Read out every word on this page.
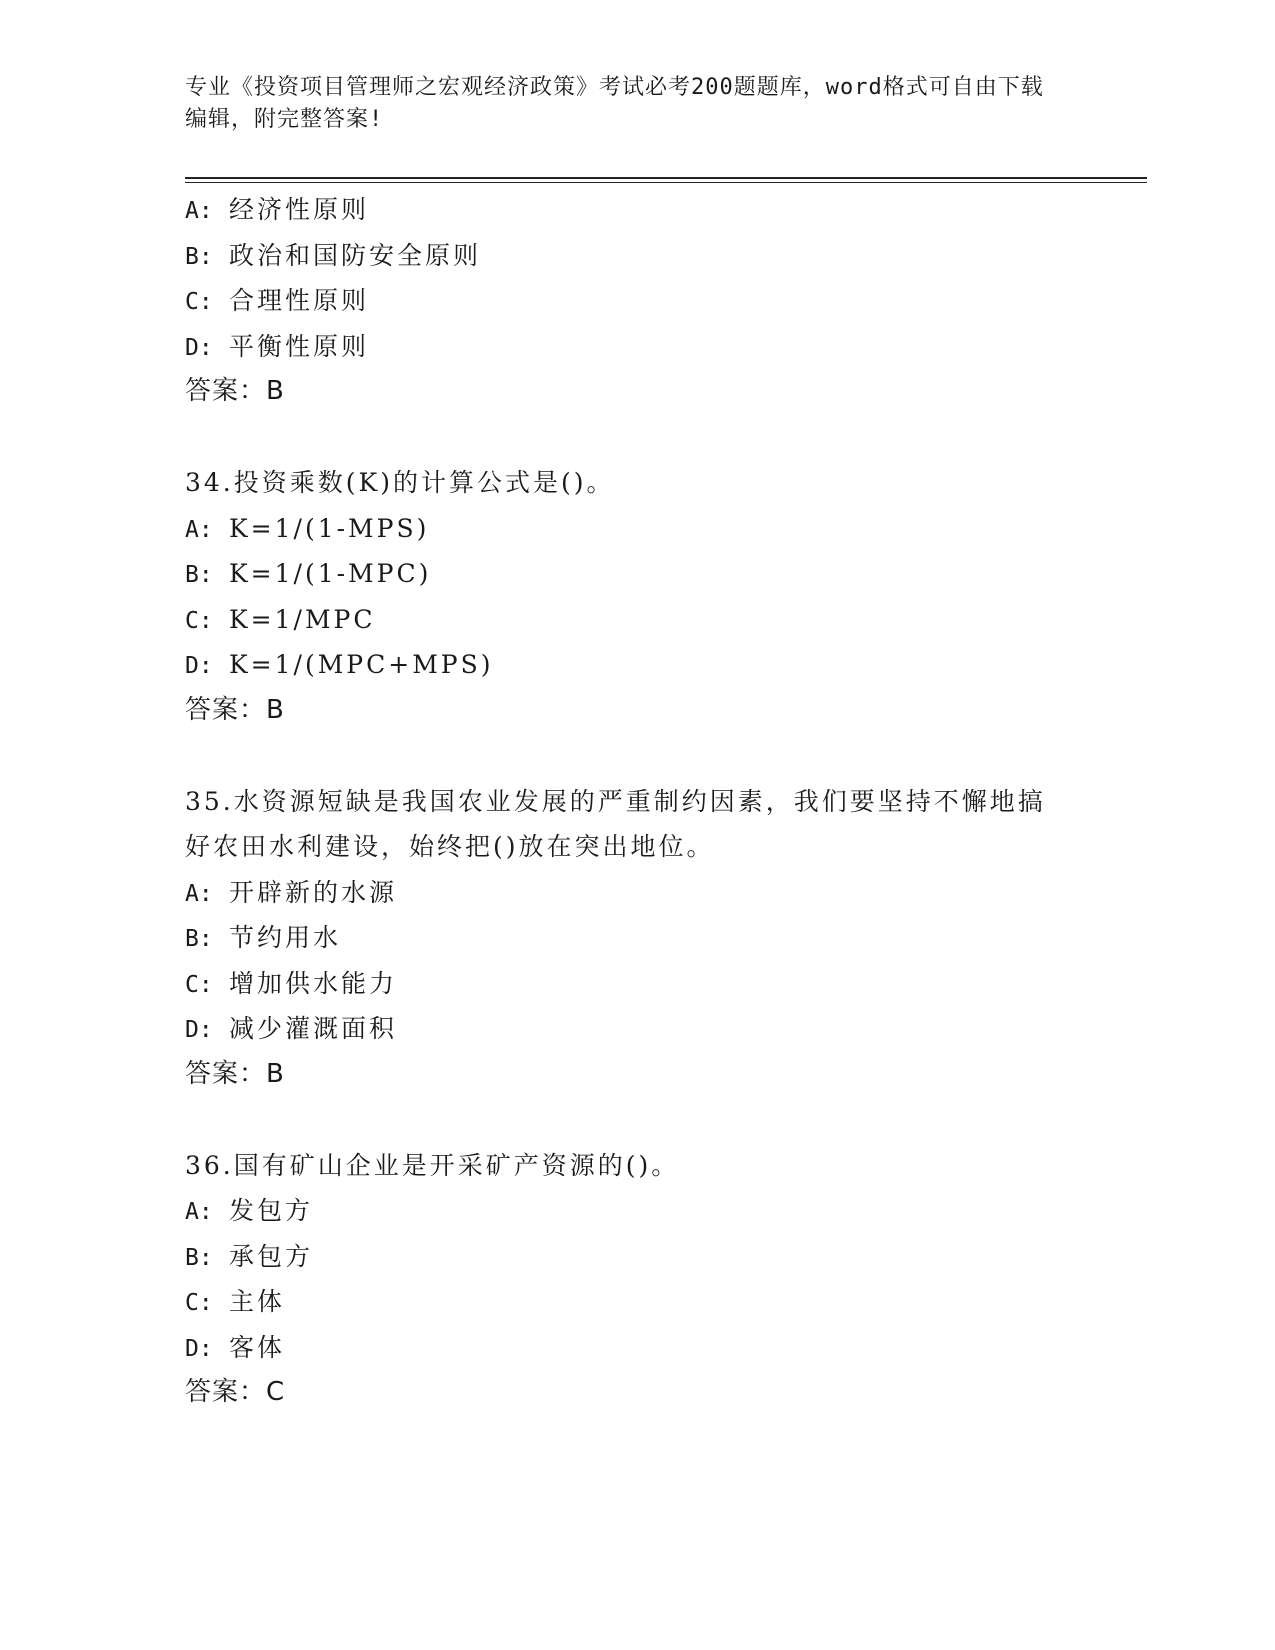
专业《投资项目管理师之宏观经济政策》考试必考200题题库，word格式可自由下载编辑，附完整答案!
A: 经济性原则
B: 政治和国防安全原则
C: 合理性原则
D: 平衡性原则
答案：B
34.投资乘数(K)的计算公式是()。
A: K=1/(1-MPS)
B: K=1/(1-MPC)
C: K=1/MPC
D: K=1/(MPC+MPS)
答案：B
35.水资源短缺是我国农业发展的严重制约因素，我们要坚持不懈地搞
好农田水利建设，始终把()放在突出地位。
A: 开辟新的水源
B: 节约用水
C: 增加供水能力
D: 减少灌溉面积
答案：B
36.国有矿山企业是开采矿产资源的()。
A: 发包方
B: 承包方
C: 主体
D: 客体
答案：C
